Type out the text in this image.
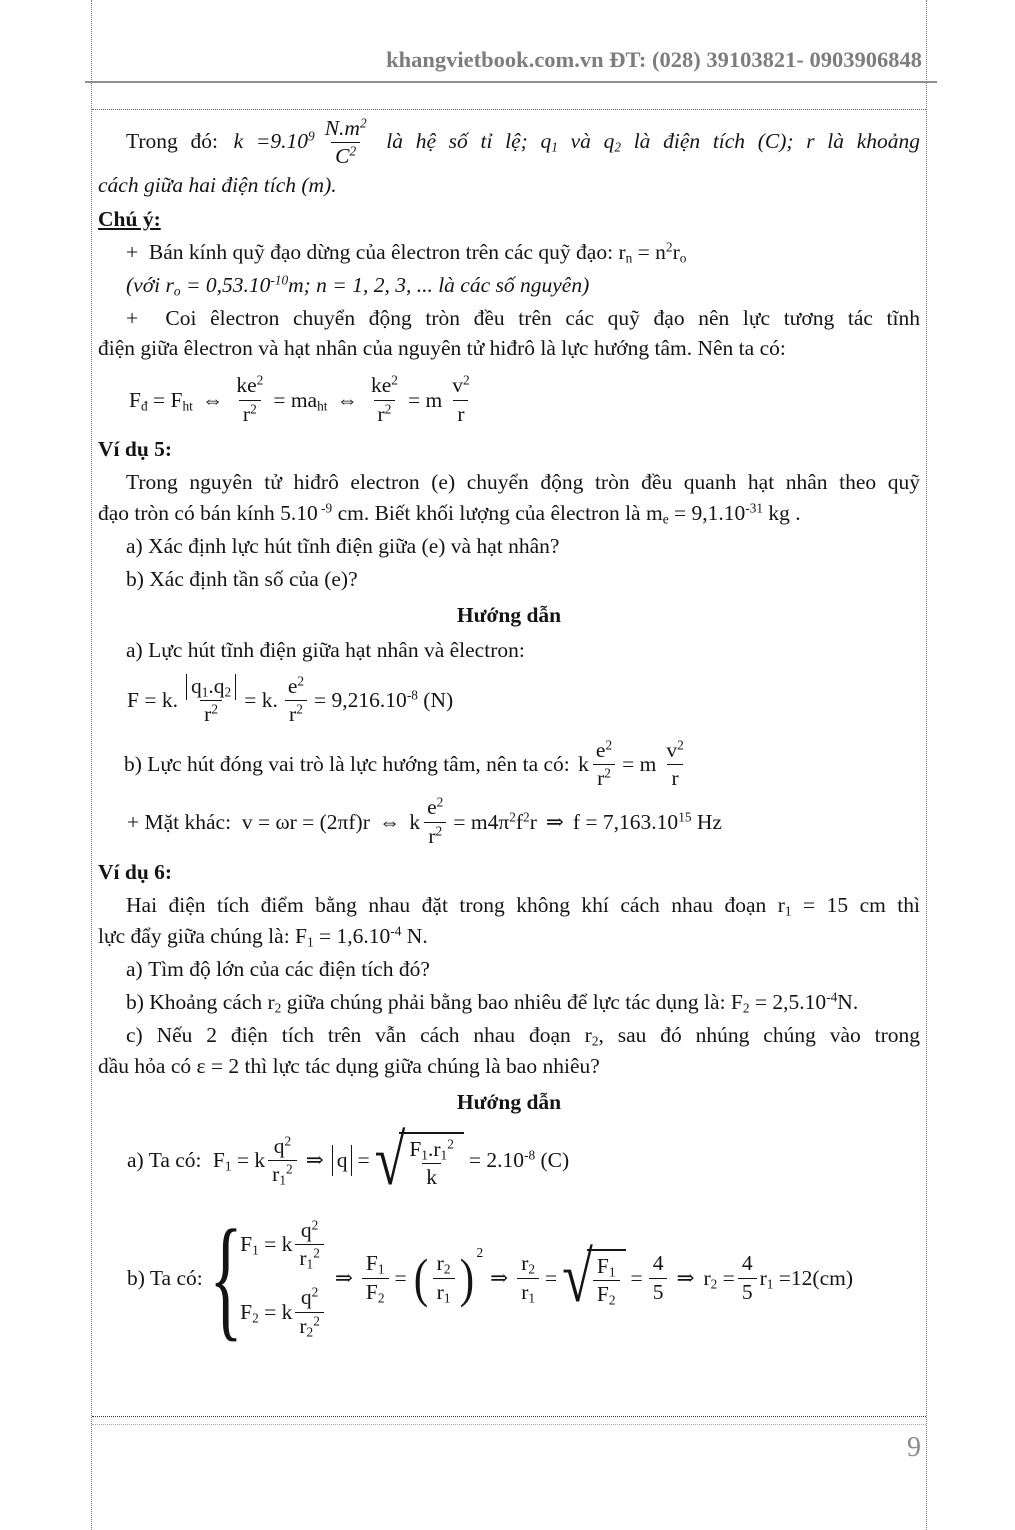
khangvietbook.com.vn ĐT: (028) 39103821- 0903906848

Trong đó: $k =9.10^9 \frac{N.m^2}{C^2}$ là hệ số tỉ lệ; $q_1$ và $q_2$ là điện tích (C); r là khoảng
cách giữa hai điện tích (m).

Chú ý:

+  Bán kính quỹ đạo dừng của êlectron trên các quỹ đạo: $r_n = n^2r_o$

(với $r_o = 0,53.10^{-10}m$; n = 1, 2, 3, ... là các số nguyên)

+  Coi êlectron chuyển động tròn đều trên các quỹ đạo nên lực tương tác tĩnh
điện giữa êlectron và hạt nhân của nguyên tử hiđrô là lực hướng tâm. Nên ta có:

$F_đ = F_{ht}$ ⇔ $\frac{ke^2}{r^2} = ma_{ht}$ ⇔ $\frac{ke^2}{r^2} = m \frac{v^2}{r}$
Ví dụ 5:

Trong nguyên tử hiđrô electron (e) chuyển động tròn đều quanh hạt nhân theo quỹ
đạo tròn có bán kính 5.10 $^{-9}$ cm. Biết khối lượng của êlectron là $m_e = 9,1.10^{-31}$ kg .

a) Xác định lực hút tĩnh điện giữa (e) và hạt nhân?

b) Xác định tần số của (e)?

Hướng dẫn

a) Lực hút tĩnh điện giữa hạt nhân và êlectron:

F = k. $\frac{q_1.q_2}{r^2} = k$. $\frac{e^2}{r^2} = 9,216.10^{-8}$ (N)
b) Lực hút đóng vai trò là lực hướng tâm, nên ta có: k $\frac{e^2}{r^2} = m \frac{v^2}{r}$
+ Mặt khác:  v = ωr = (2πf)r ⇔ k $\frac{e^2}{r^2} = m4\pi^2f^2r$ ⇒ $f = 7,163.10^{15}$ Hz
Ví dụ 6:

Hai điện tích điểm bằng nhau đặt trong không khí cách nhau đoạn $r_1 = 15$ cm thì
lực đẩy giữa chúng là: $F_1 = 1,6.10^{-4}$ N.

a) Tìm độ lớn của các điện tích đó?

b) Khoảng cách $r_2$ giữa chúng phải bằng bao nhiêu để lực tác dụng là: $F_2 = 2,5.10^{-4}N$.

c) Nếu 2 điện tích trên vẫn cách nhau đoạn $r_2$, sau đó nhúng chúng vào trong
dầu hỏa có ε = 2 thì lực tác dụng giữa chúng là bao nhiêu?

Hướng dẫn
a) Ta có: $F_1 = k \frac{q^2}{r_1^2}$ ⇒ q = √ $\frac{F_1.r_1^2}{k} = 2.10^{-8}$ (C)
b) Ta có: {
$F_1 = k \frac{q^2}{r_1^2}$
$F_2 = k \frac{q^2}{r_2^2}$
⇒ $\frac{F_1}{F_2}$ = ( $\frac{r_2}{r_1}$ ) 2
⇒ $\frac{r_2}{r_1}$ = √ $\frac{F_1}{F_2} = \frac{4}{5}$ ⇒ $r_2 = \frac{4}{5} r_1 =12(cm)$
9
